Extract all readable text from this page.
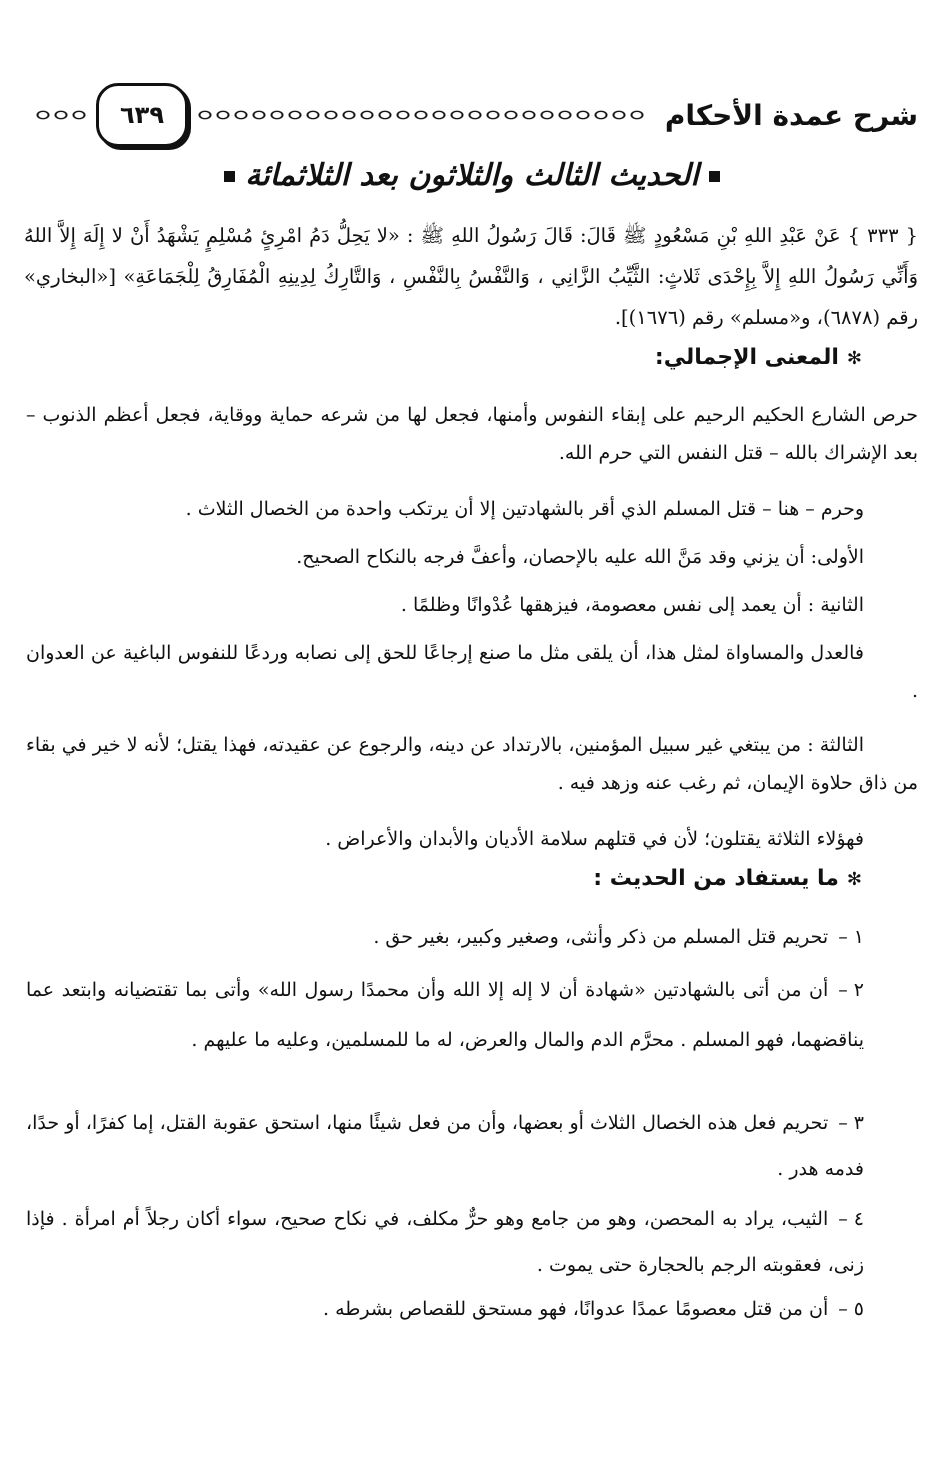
شرح عمدة الأحكام
٦٣٩
الحديث الثالث والثلاثون بعد الثلاثمائة
{ ٣٣٣ } عَنْ عَبْدِ اللهِ بْنِ مَسْعُودٍ ﷺ قَالَ: قَالَ رَسُولُ اللهِ ﷺ : «لا يَحِلُّ دَمُ امْرِئٍ مُسْلِمٍ يَشْهَدُ أَنْ لا إِلَهَ إِلاَّ اللهُ وَأَنِّي رَسُولُ اللهِ إِلاَّ بِإِحْدَى ثَلاثٍ: الثَّيِّبُ الزَّانِي ، وَالنَّفْسُ بِالنَّفْسِ ، وَالتَّارِكُ لِدِينِهِ الْمُفَارِقُ لِلْجَمَاعَةِ» [«البخاري» رقم (٦٨٧٨)، و«مسلم» رقم (١٦٧٦)].
✻المعنى الإجمالي:
حرص الشارع الحكيم الرحيم على إبقاء النفوس وأمنها، فجعل لها من شرعه حماية ووقاية، فجعل أعظم الذنوب – بعد الإشراك بالله – قتل النفس التي حرم الله.
وحرم – هنا – قتل المسلم الذي أقر بالشهادتين إلا أن يرتكب واحدة من الخصال الثلاث .
الأولى: أن يزني وقد مَنَّ الله عليه بالإحصان، وأعفَّ فرجه بالنكاح الصحيح.
الثانية : أن يعمد إلى نفس معصومة، فيزهقها عُدْوانًا وظلمًا .
فالعدل والمساواة لمثل هذا، أن يلقى مثل ما صنع إرجاعًا للحق إلى نصابه وردعًا للنفوس الباغية عن العدوان .
الثالثة : من يبتغي غير سبيل المؤمنين، بالارتداد عن دينه، والرجوع عن عقيدته، فهذا يقتل؛ لأنه لا خير في بقاء من ذاق حلاوة الإيمان، ثم رغب عنه وزهد فيه .
فهؤلاء الثلاثة يقتلون؛ لأن في قتلهم سلامة الأديان والأبدان والأعراض .
✻ما يستفاد من الحديث :
١ –تحريم قتل المسلم من ذكر وأنثى، وصغير وكبير، بغير حق .
٢ –أن من أتى بالشهادتين «شهادة أن لا إله إلا الله وأن محمدًا رسول الله» وأتى بما تقتضيانه وابتعد عما يناقضهما، فهو المسلم . محرَّم الدم والمال والعرض، له ما للمسلمين، وعليه ما عليهم .
٣ –تحريم فعل هذه الخصال الثلاث أو بعضها، وأن من فعل شيئًا منها، استحق عقوبة القتل، إما كفرًا، أو حدًا، فدمه هدر .
٤ –الثيب، يراد به المحصن، وهو من جامع وهو حرٌّ مكلف، في نكاح صحيح، سواء أكان رجلاً أم امرأة . فإذا زنى، فعقوبته الرجم بالحجارة حتى يموت .
٥ –أن من قتل معصومًا عمدًا عدوانًا، فهو مستحق للقصاص بشرطه .
